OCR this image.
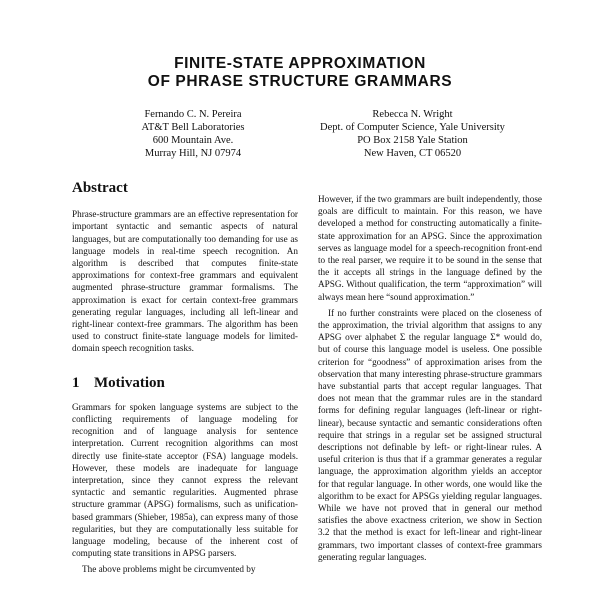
FINITE-STATE APPROXIMATION
OF PHRASE STRUCTURE GRAMMARS
Fernando C. N. Pereira
AT&T Bell Laboratories
600 Mountain Ave.
Murray Hill, NJ 07974
Rebecca N. Wright
Dept. of Computer Science, Yale University
PO Box 2158 Yale Station
New Haven, CT 06520
Abstract

Phrase-structure grammars are an effective representation for important syntactic and semantic aspects of natural languages, but are computationally too demanding for use as language models in real-time speech recognition. An algorithm is described that computes finite-state approximations for context-free grammars and equivalent augmented phrase-structure grammar formalisms. The approximation is exact for certain context-free grammars generating regular languages, including all left-linear and right-linear context-free grammars. The algorithm has been used to construct finite-state language models for limited-domain speech recognition tasks.

1 Motivation

Grammars for spoken language systems are subject to the conflicting requirements of language modeling for recognition and of language analysis for sentence interpretation. Current recognition algorithms can most directly use finite-state acceptor (FSA) language models. However, these models are inadequate for language interpretation, since they cannot express the relevant syntactic and semantic regularities. Augmented phrase structure grammar (APSG) formalisms, such as unification-based grammars (Shieber, 1985a), can express many of those regularities, but they are computationally less suitable for language modeling, because of the inherent cost of computing state transitions in APSG parsers.

The above problems might be circumvented by

However, if the two grammars are built independently, those goals are difficult to maintain. For this reason, we have developed a method for constructing automatically a finite-state approximation for an APSG. Since the approximation serves as language model for a speech-recognition front-end to the real parser, we require it to be sound in the sense that the it accepts all strings in the language defined by the APSG. Without qualification, the term “approximation” will always mean here “sound approximation.”

If no further constraints were placed on the closeness of the approximation, the trivial algorithm that assigns to any APSG over alphabet Σ the regular language Σ* would do, but of course this language model is useless. One possible criterion for “goodness” of approximation arises from the observation that many interesting phrase-structure grammars have substantial parts that accept regular languages. That does not mean that the grammar rules are in the standard forms for defining regular languages (left-linear or right-linear), because syntactic and semantic considerations often require that strings in a regular set be assigned structural descriptions not definable by left- or right-linear rules. A useful criterion is thus that if a grammar generates a regular language, the approximation algorithm yields an acceptor for that regular language. In other words, one would like the algorithm to be exact for APSGs yielding regular languages. While we have not proved that in general our method satisfies the above exactness criterion, we show in Section 3.2 that the method is exact for left-linear and right-linear grammars, two important classes of context-free grammars generating regular languages.
